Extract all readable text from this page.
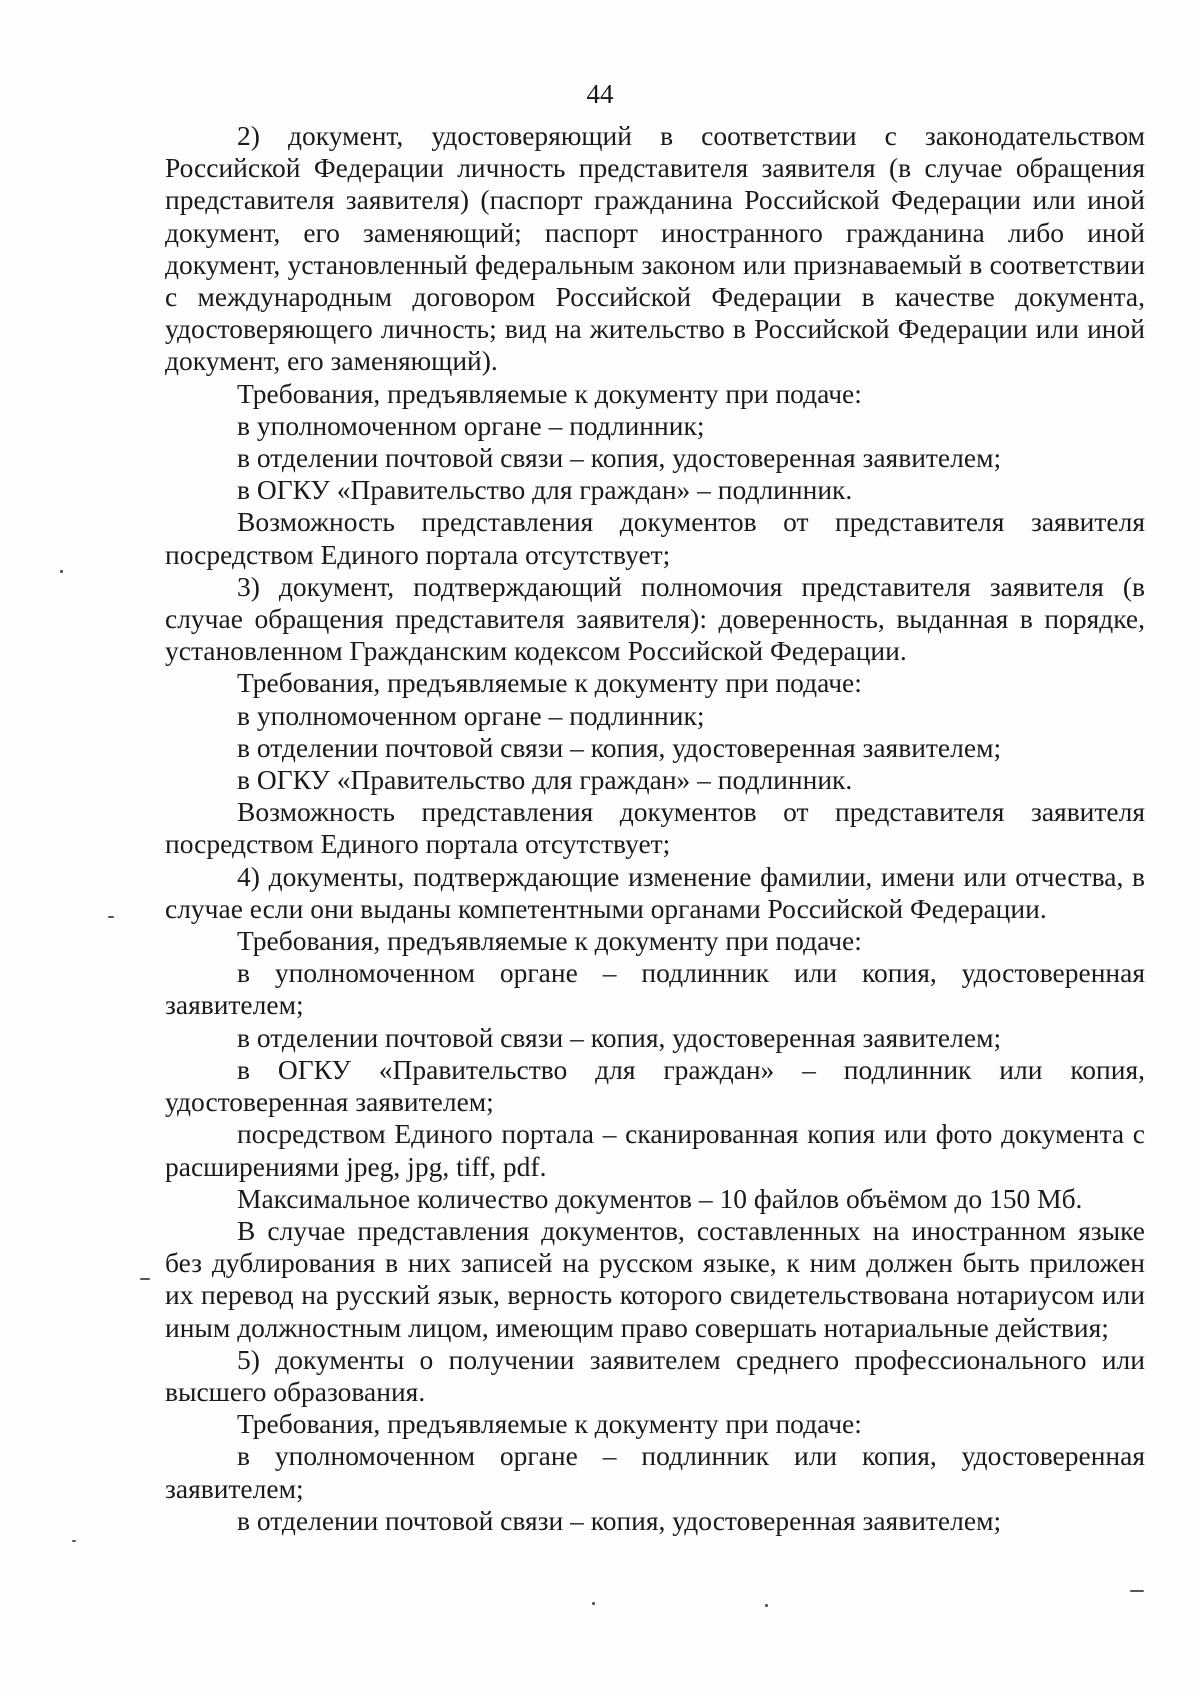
44

2) документ, удостоверяющий в соответствии с законодательством Российской Федерации личность представителя заявителя (в случае обращения представителя заявителя) (паспорт гражданина Российской Федерации или иной документ, его заменяющий; паспорт иностранного гражданина либо иной документ, установленный федеральным законом или признаваемый в соответствии с международным договором Российской Федерации в качестве документа, удостоверяющего личность; вид на жительство в Российской Федерации или иной документ, его заменяющий).

Требования, предъявляемые к документу при подаче:

в уполномоченном органе – подлинник;

в отделении почтовой связи – копия, удостоверенная заявителем;

в ОГКУ «Правительство для граждан» – подлинник.

Возможность представления документов от представителя заявителя посредством Единого портала отсутствует;

3) документ, подтверждающий полномочия представителя заявителя (в случае обращения представителя заявителя): доверенность, выданная в порядке, установленном Гражданским кодексом Российской Федерации.

Требования, предъявляемые к документу при подаче:

в уполномоченном органе – подлинник;

в отделении почтовой связи – копия, удостоверенная заявителем;

в ОГКУ «Правительство для граждан» – подлинник.

Возможность представления документов от представителя заявителя посредством Единого портала отсутствует;

4) документы, подтверждающие изменение фамилии, имени или отчества, в случае если они выданы компетентными органами Российской Федерации.

Требования, предъявляемые к документу при подаче:

в уполномоченном органе – подлинник или копия, удостоверенная заявителем;

в отделении почтовой связи – копия, удостоверенная заявителем;

в ОГКУ «Правительство для граждан» – подлинник или копия, удостоверенная заявителем;

посредством Единого портала – сканированная копия или фото документа с расширениями jpeg, jpg, tiff, pdf.

Максимальное количество документов – 10 файлов объёмом до 150 Мб.

В случае представления документов, составленных на иностранном языке без дублирования в них записей на русском языке, к ним должен быть приложен их перевод на русский язык, верность которого свидетельствована нотариусом или иным должностным лицом, имеющим право совершать нотариальные действия;

5) документы о получении заявителем среднего профессионального или высшего образования.

Требования, предъявляемые к документу при подаче:

в уполномоченном органе – подлинник или копия, удостоверенная заявителем;

в отделении почтовой связи – копия, удостоверенная заявителем;
